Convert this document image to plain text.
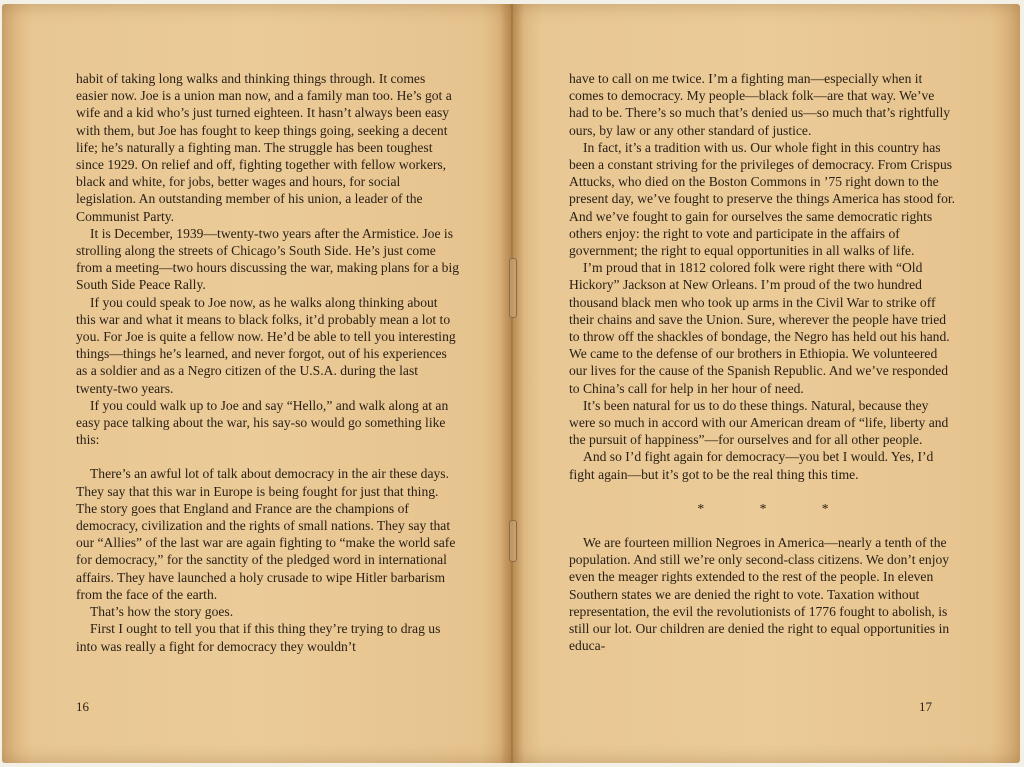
habit of taking long walks and thinking things through. It comes easier now. Joe is a union man now, and a family man too. He’s got a wife and a kid who’s just turned eighteen. It hasn’t always been easy with them, but Joe has fought to keep things going, seeking a decent life; he’s naturally a fighting man. The struggle has been toughest since 1929. On relief and off, fighting together with fellow workers, black and white, for jobs, better wages and hours, for social legislation. An outstanding member of his union, a leader of the Communist Party.

It is December, 1939—twenty-two years after the Armistice. Joe is strolling along the streets of Chicago’s South Side. He’s just come from a meeting—two hours discussing the war, making plans for a big South Side Peace Rally.

If you could speak to Joe now, as he walks along thinking about this war and what it means to black folks, it’d probably mean a lot to you. For Joe is quite a fellow now. He’d be able to tell you interesting things—things he’s learned, and never forgot, out of his experiences as a soldier and as a Negro citizen of the U.S.A. during the last twenty-two years.

If you could walk up to Joe and say “Hello,” and walk along at an easy pace talking about the war, his say-so would go something like this:

There’s an awful lot of talk about democracy in the air these days. They say that this war in Europe is being fought for just that thing. The story goes that England and France are the champions of democracy, civilization and the rights of small nations. They say that our “Allies” of the last war are again fighting to “make the world safe for democracy,” for the sanctity of the pledged word in international affairs. They have launched a holy crusade to wipe Hitler barbarism from the face of the earth.

That’s how the story goes.

First I ought to tell you that if this thing they’re trying to drag us into was really a fight for democracy they wouldn’t

16

have to call on me twice. I’m a fighting man—especially when it comes to democracy. My people—black folk—are that way. We’ve had to be. There’s so much that’s denied us—so much that’s rightfully ours, by law or any other standard of justice.

In fact, it’s a tradition with us. Our whole fight in this country has been a constant striving for the privileges of democracy. From Crispus Attucks, who died on the Boston Commons in ’75 right down to the present day, we’ve fought to preserve the things America has stood for. And we’ve fought to gain for ourselves the same democratic rights others enjoy: the right to vote and participate in the affairs of government; the right to equal opportunities in all walks of life.

I’m proud that in 1812 colored folk were right there with “Old Hickory” Jackson at New Orleans. I’m proud of the two hundred thousand black men who took up arms in the Civil War to strike off their chains and save the Union. Sure, wherever the people have tried to throw off the shackles of bondage, the Negro has held out his hand. We came to the defense of our brothers in Ethiopia. We volunteered our lives for the cause of the Spanish Republic. And we’ve responded to China’s call for help in her hour of need.

It’s been natural for us to do these things. Natural, because they were so much in accord with our American dream of “life, liberty and the pursuit of happiness”—for ourselves and for all other people.

And so I’d fight again for democracy—you bet I would. Yes, I’d fight again—but it’s got to be the real thing this time.

* * *

We are fourteen million Negroes in America—nearly a tenth of the population. And still we’re only second-class citizens. We don’t enjoy even the meager rights extended to the rest of the people. In eleven Southern states we are denied the right to vote. Taxation without representation, the evil the revolutionists of 1776 fought to abolish, is still our lot. Our children are denied the right to equal opportunities in educa-

17
